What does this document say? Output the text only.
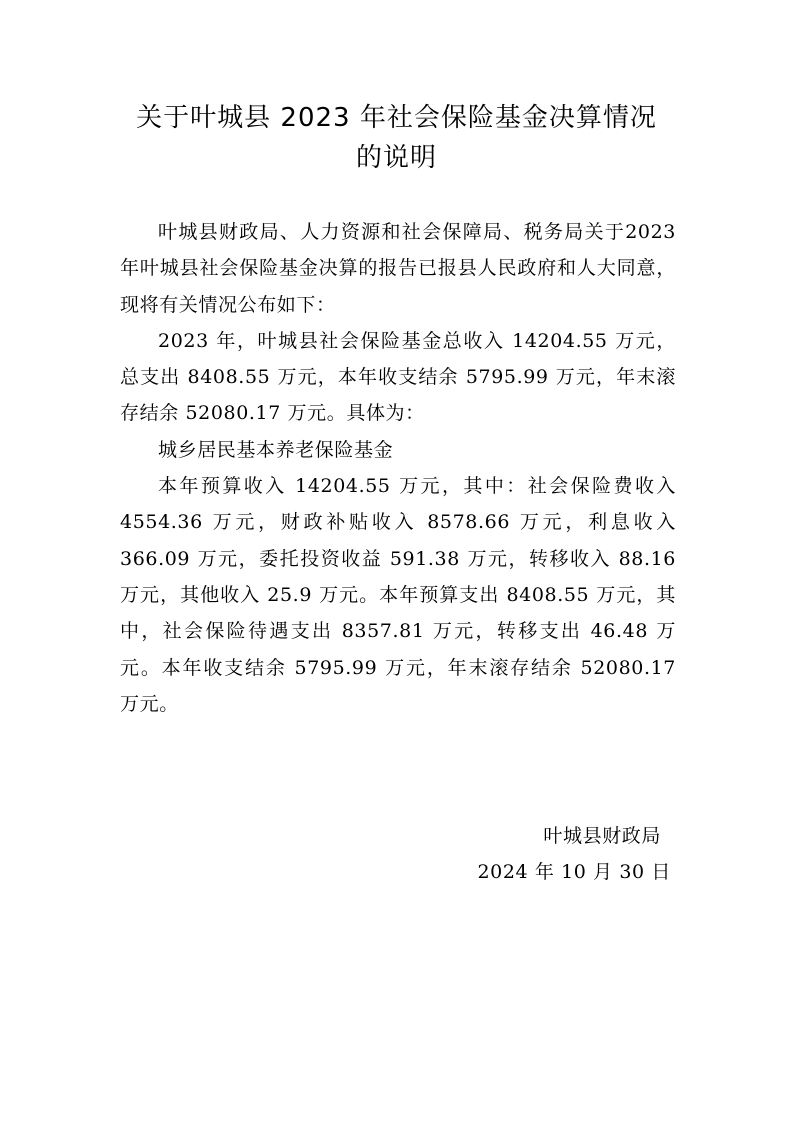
关于叶城县 2023 年社会保险基金决算情况
的说明

叶城县财政局、人力资源和社会保障局、税务局关于2023 年叶城县社会保险基金决算的报告已报县人民政府和人大同意，现将有关情况公布如下：

2023 年，叶城县社会保险基金总收入 14204.55 万元，总支出 8408.55 万元，本年收支结余 5795.99 万元，年末滚存结余 52080.17 万元。具体为：

城乡居民基本养老保险基金

本年预算收入 14204.55 万元，其中：社会保险费收入 4554.36 万元，财政补贴收入 8578.66 万元，利息收入 366.09 万元，委托投资收益 591.38 万元，转移收入 88.16 万元，其他收入 25.9 万元。本年预算支出 8408.55 万元，其中，社会保险待遇支出 8357.81 万元，转移支出 46.48 万元。本年收支结余 5795.99 万元，年末滚存结余 52080.17 万元。

叶城县财政局
2024 年 10 月 30 日
